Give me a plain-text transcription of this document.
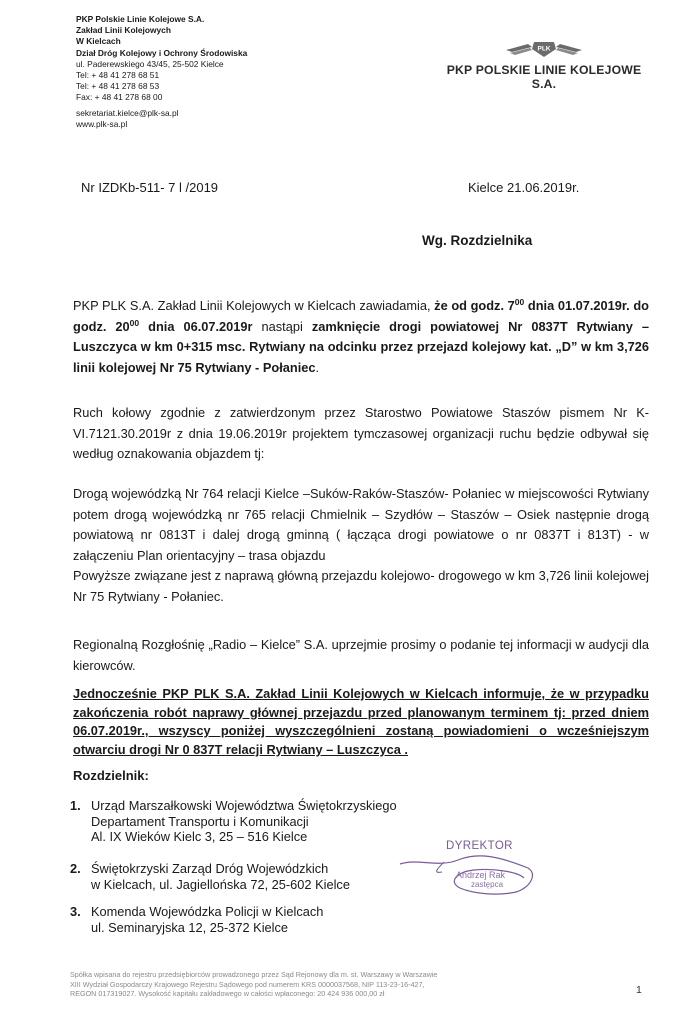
PKP Polskie Linie Kolejowe S.A.
Zakład Linii Kolejowych
W Kielcach
Dział Dróg Kolejowy i Ochrony Środowiska
ul. Paderewskiego 43/45, 25-502 Kielce
Tel: + 48 41 278 68 51
Tel: + 48 41 278 68 53
Fax: + 48 41 278 68 00
sekretariat.kielce@plk-sa.pl
www.plk-sa.pl
PLK
PKP POLSKIE LINIE KOLEJOWE S.A.
Nr IZDKb-511- 7 l /2019	Kielce 21.06.2019r.
Wg. Rozdzielnika
PKP PLK S.A. Zakład Linii Kolejowych w Kielcach zawiadamia, że od godz. $7^{00}$ dnia 01.07.2019r. do godz. $20^{00}$ dnia 06.07.2019r nastąpi zamknięcie drogi powiatowej Nr 0837T Rytwiany – Luszczyca w km 0+315 msc. Rytwiany na odcinku przez przejazd kolejowy kat. „D” w km 3,726 linii kolejowej Nr 75 Rytwiany - Połaniec.
Ruch kołowy zgodnie z zatwierdzonym przez Starostwo Powiatowe Staszów pismem Nr K-VI.7121.30.2019r z dnia 19.06.2019r projektem tymczasowej organizacji ruchu będzie odbywał się według oznakowania objazdem tj:
Drogą wojewódzką Nr 764 relacji Kielce –Suków-Raków-Staszów- Połaniec w miejscowości Rytwiany potem drogą wojewódzką nr 765 relacji Chmielnik – Szydłów – Staszów – Osiek następnie drogą powiatową nr 0813T i dalej drogą gminną ( łącząca drogi powiatowe o nr 0837T i 813T) - w załączeniu Plan orientacyjny – trasa objazdu
Powyższe związane jest z naprawą główną przejazdu kolejowo- drogowego w km 3,726 linii kolejowej Nr 75 Rytwiany - Połaniec.
Regionalną Rozgłośnię „Radio – Kielce” S.A. uprzejmie prosimy o podanie tej informacji w audycji dla kierowców.
Jednocześnie PKP PLK S.A. Zakład Linii Kolejowych w Kielcach informuje, że w przypadku zakończenia robót naprawy głównej przejazdu przed planowanym terminem tj: przed dniem 06.07.2019r., wszyscy poniżej wyszczególnieni zostaną powiadomieni o wcześniejszym otwarciu drogi Nr 0 837T relacji Rytwiany – Luszczyca .
Rozdzielnik:
1. Urząd Marszałkowski Województwa Świętokrzyskiego
Departament Transportu i Komunikacji
Al. IX Wieków Kielc 3, 25 – 516 Kielce
2. Świętokrzyski Zarząd Dróg Wojewódzkich
w Kielcach, ul. Jagiellońska 72, 25-602 Kielce
3. Komenda Wojewódzka Policji w Kielcach
ul. Seminaryjska 12, 25-372 Kielce
DYREKTOR
Andrzej Rak
zastępca
Spółka wpisana do rejestru przedsiębiorców prowadzonego przez Sąd Rejonowy dla m. st. Warszawy w Warszawie
XIII Wydział Gospodarczy Krajowego Rejestru Sądowego pod numerem KRS 0000037568, NIP 113-23-16-427,
REGON 017319027. Wysokość kapitału zakładowego w całości wpłaconego: 20 424 936 000,00 zł	1
